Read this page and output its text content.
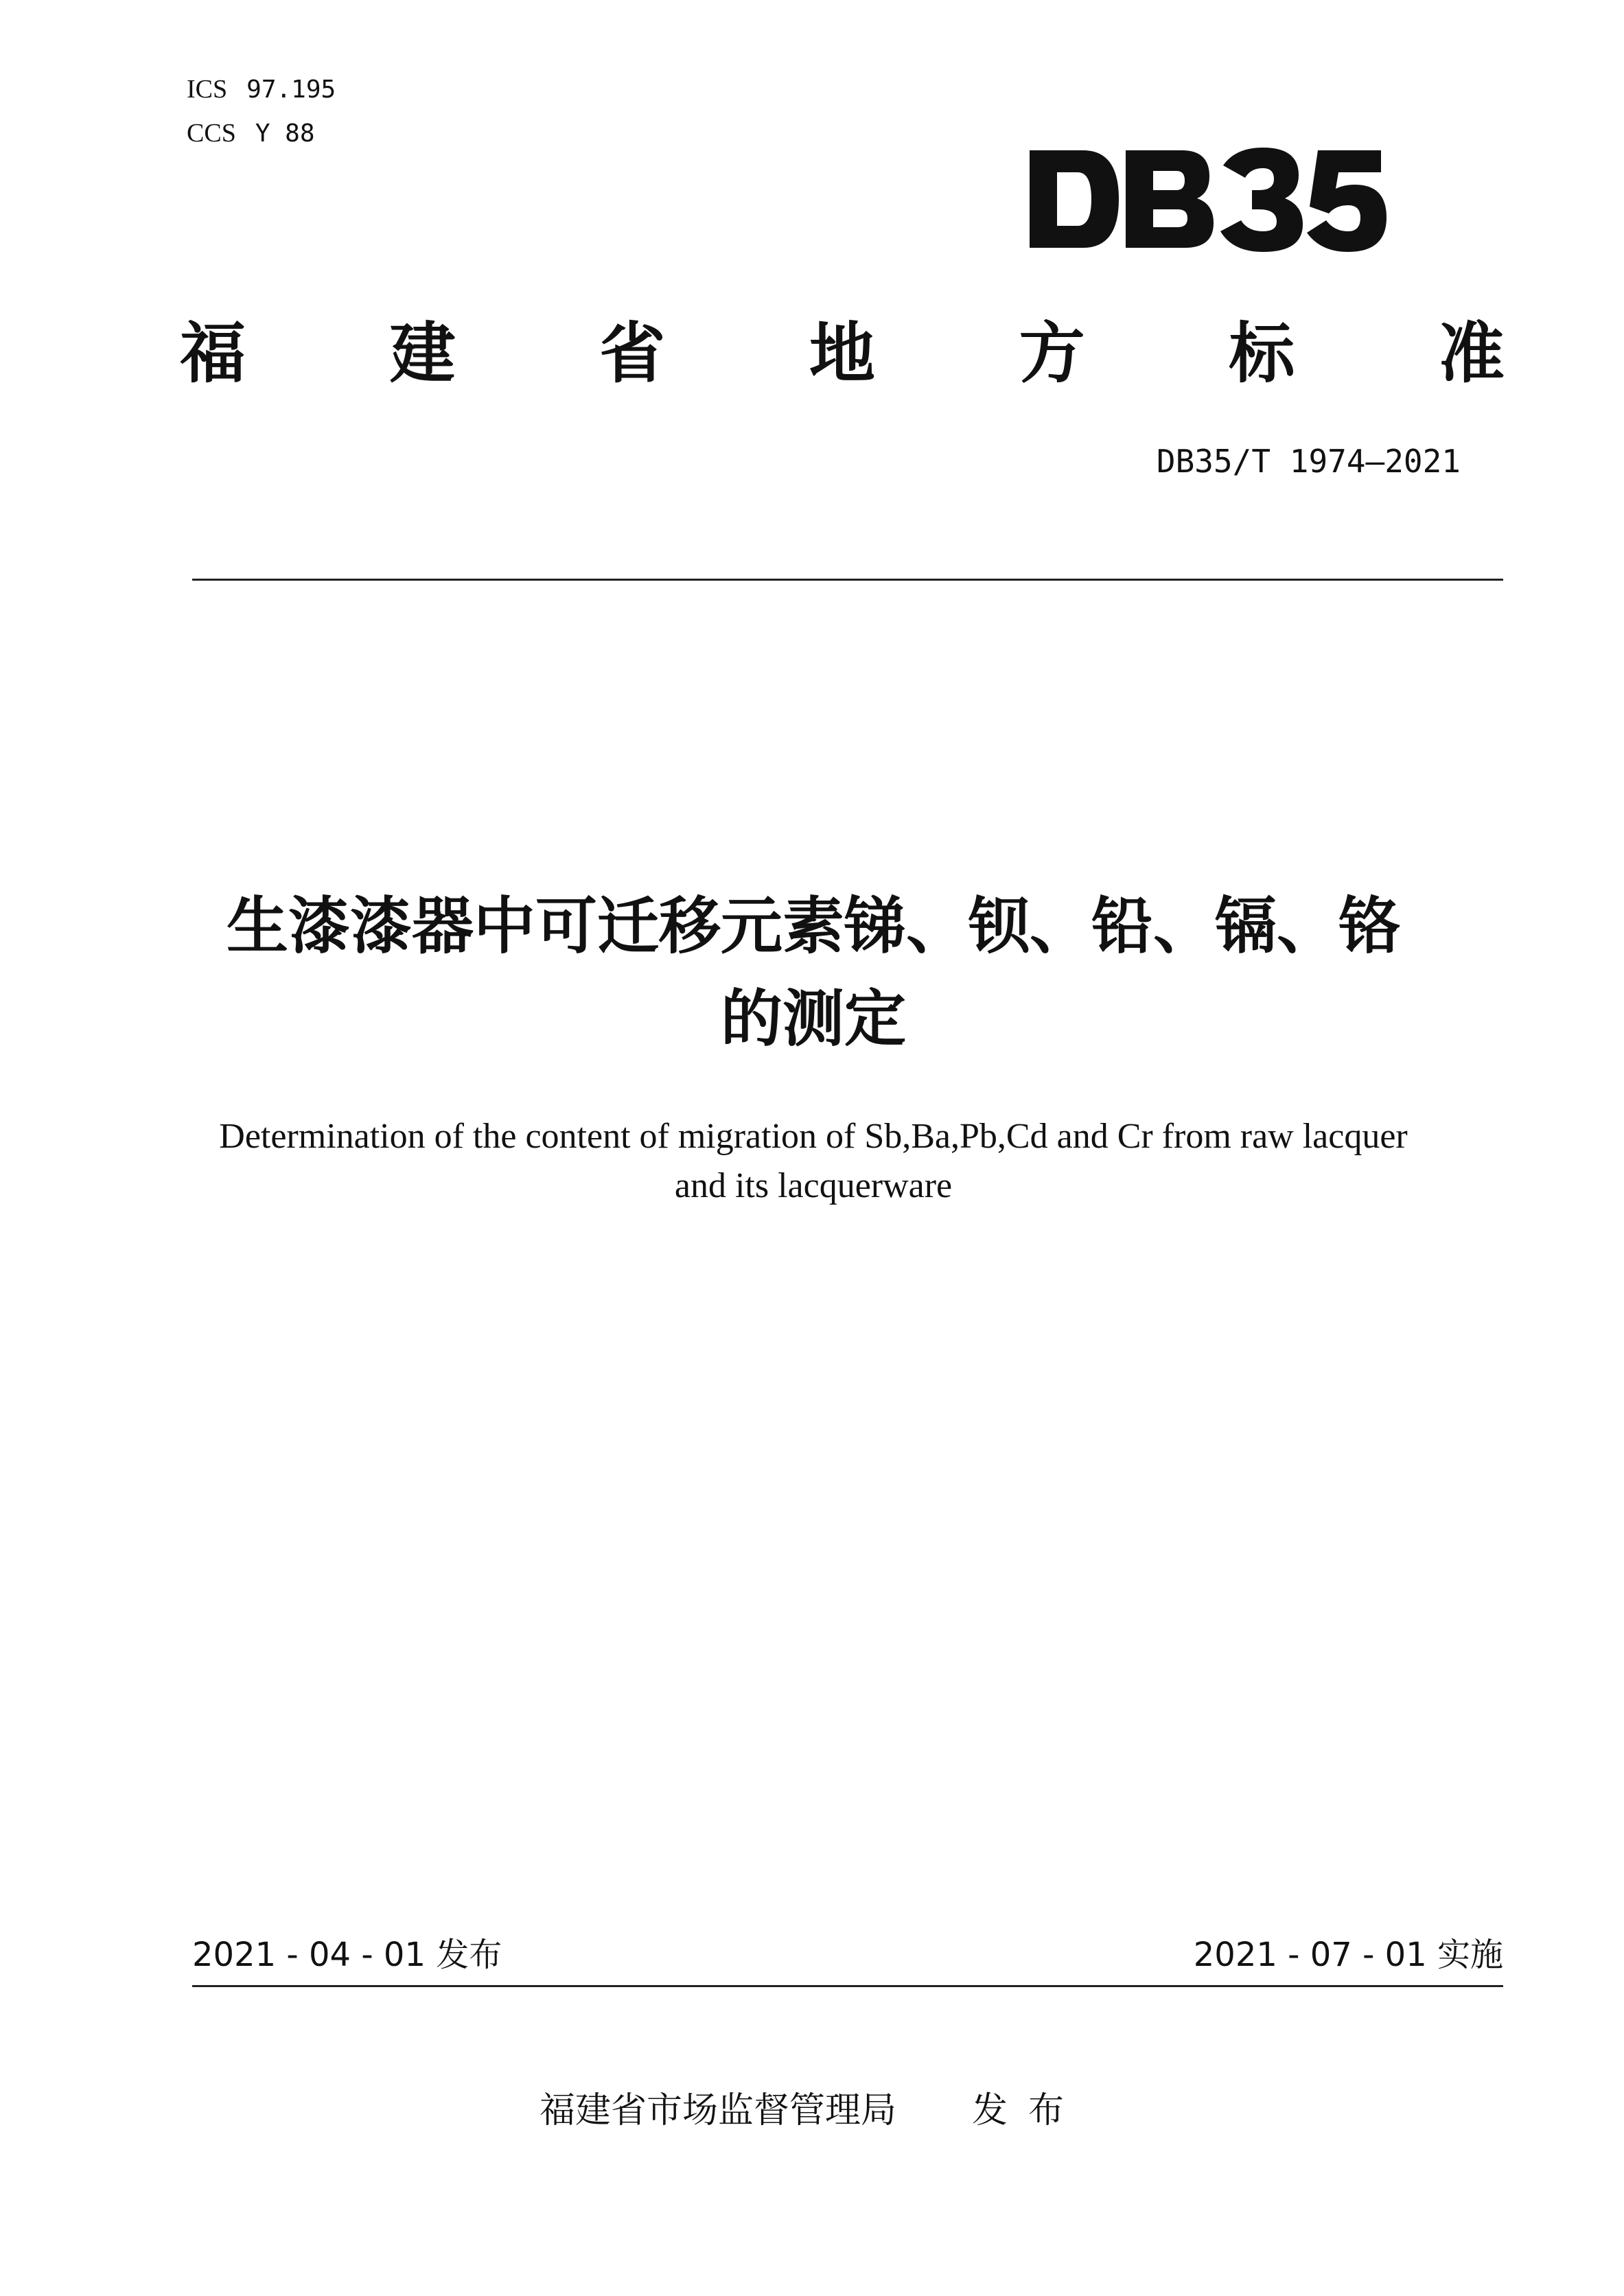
ICS 97.195
CCS Y 88
福 建 省 地 方 标 准
DB35/T 1974—2021
生漆漆器中可迁移元素锑、钡、铅、镉、铬
的测定
Determination of the content of migration of Sb,Ba,Pb,Cd and Cr from raw lacquer
and its lacquerware
2021 - 04 - 01 发布	2021 - 07 - 01 实施
福建省市场监督管理局 发布
